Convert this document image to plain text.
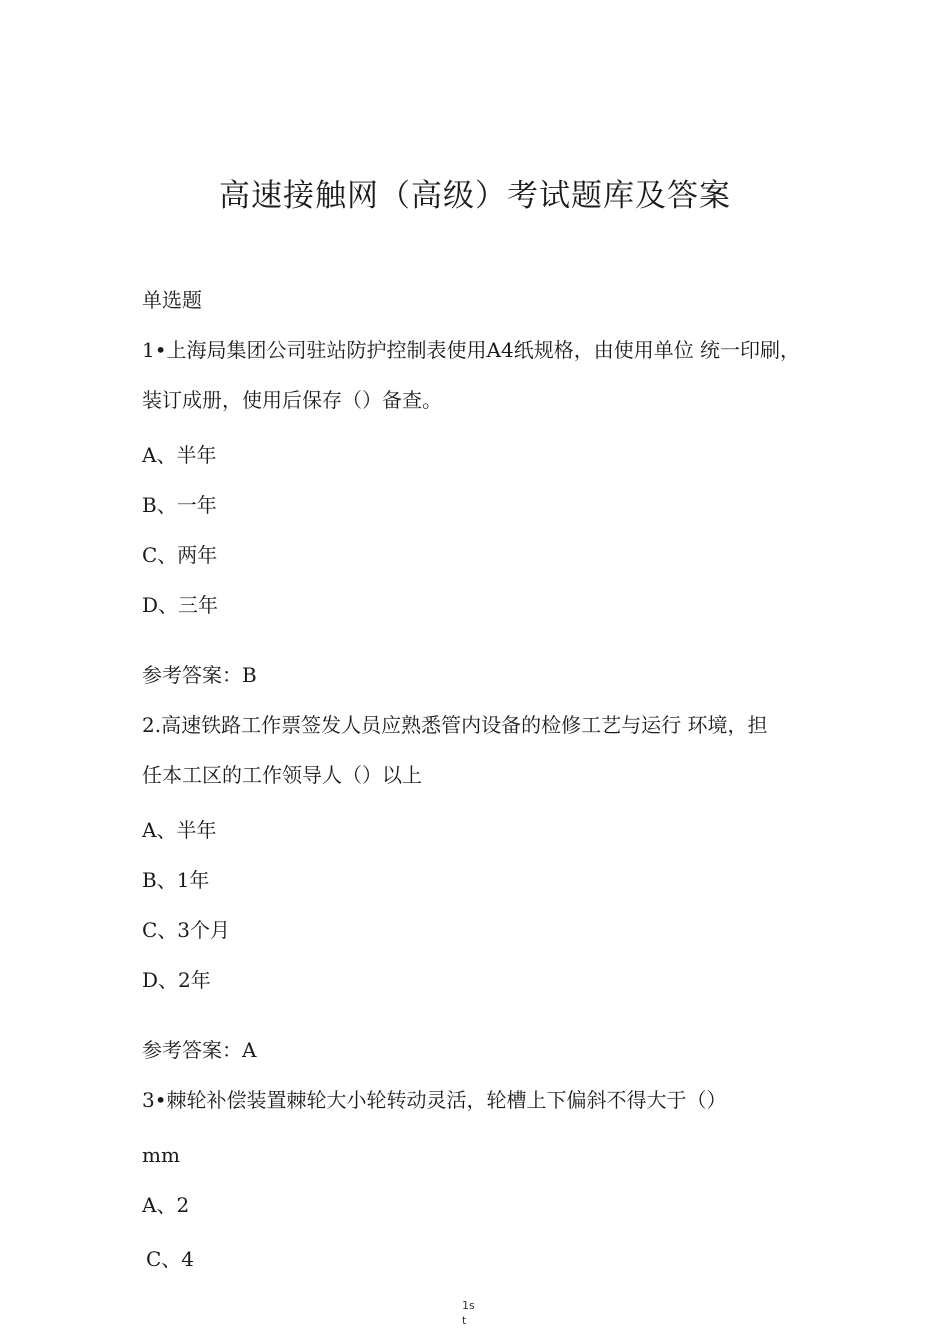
高速接触网（高级）考试题库及答案
单选题
1•上海局集团公司驻站防护控制表使用A4纸规格，由使用单位 统一印刷，
装订成册，使用后保存（）备查。
A、半年
B、一年
C、两年
D、三年
参考答案：B
2.高速铁路工作票签发人员应熟悉管内设备的检修工艺与运行 环境，担
任本工区的工作领导人（）以上
A、半年
B、1年
C、3个月
D、2年
参考答案：A
3•棘轮补偿装置棘轮大小轮转动灵活，轮槽上下偏斜不得大于（）
mm
A、2
C、4
1s
t
